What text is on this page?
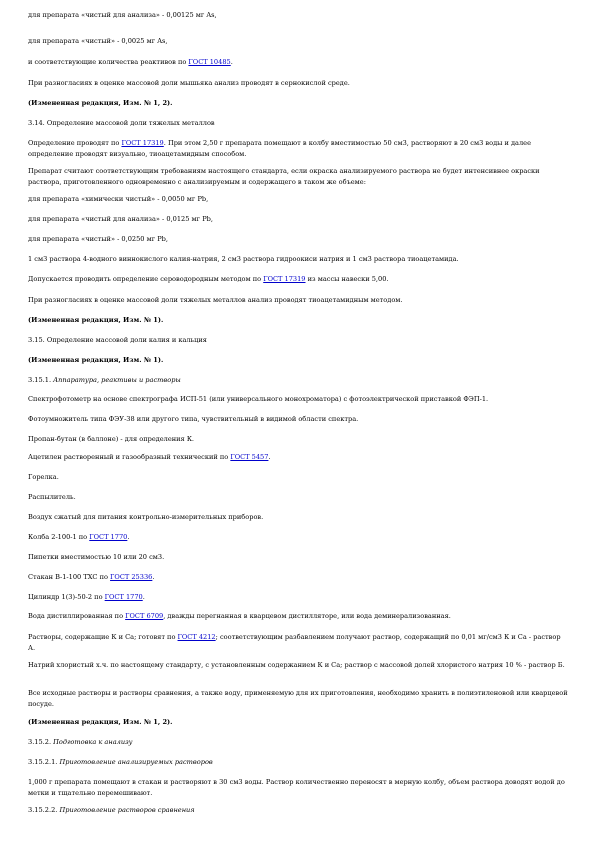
для препарата «чистый для анализа» - 0,00125 мг As,

для препарата «чистый» - 0,0025 мг As,

и соответствующие количества реактивов по ГОСТ 10485.

При разногласиях в оценке массовой доли мышьяка анализ проводят в сернокислой среде.

(Измененная редакция, Изм. № 1, 2).

3.14. Определение массовой доли тяжелых металлов

Определение проводят по ГОСТ 17319. При этом 2,50 г препарата помещают в колбу вместимостью 50 см3, растворяют в 20 см3 воды и далее определение проводят визуально, тиоацетамидным способом.

Препарат считают соответствующим требованиям настоящего стандарта, если окраска анализируемого раствора не будет интенсивнее окраски раствора, приготовленного одновременно с анализируемым и содержащего в таком же объеме:

для препарата «химически чистый» - 0,0050 мг Pb,

для препарата «чистый для анализа» - 0,0125 мг Pb,

для препарата «чистый» - 0,0250 мг Pb,

1 см3 раствора 4-водного виннокислого калия-натрия, 2 см3 раствора гидроокиси натрия и 1 см3 раствора тиоацетамида.

Допускается проводить определение сероводородным методом по ГОСТ 17319 из массы навески 5,00.

При разногласиях в оценке массовой доли тяжелых металлов анализ проводят тиоацетамидным методом.

(Измененная редакция, Изм. № 1).

3.15. Определение массовой доли калия и кальция

(Измененная редакция, Изм. № 1).

3.15.1. Аппаратура, реактивы и растворы

Спектрофотометр на основе спектрографа ИСП-51 (или универсального монохроматора) с фотоэлектрической приставкой ФЭП-1.

Фотоумножитель типа ФЭУ-38 или другого типа, чувствительный в видимой области спектра.

Пропан-бутан (в баллоне) - для определения К.

Ацетилен растворенный и газообразный технический по ГОСТ 5457.

Горелка.

Распылитель.

Воздух сжатый для питания контрольно-измерительных приборов.

Колба 2-100-1 по ГОСТ 1770.

Пипетки вместимостью 10 или 20 см3.

Стакан В-1-100 ТХС по ГОСТ 25336.

Цилиндр 1(3)-50-2 по ГОСТ 1770.

Вода дистиллированная по ГОСТ 6709, дважды перегнанная в кварцевом дистилляторе, или вода деминерализованная.

Растворы, содержащие К и Са; готовят по ГОСТ 4212; соответствующим разбавлением получают раствор, содержащий по 0,01 мг/см3 К и Са - раствор А.

Натрий хлористый х.ч. по настоящему стандарту, с установленным содержанием К и Са; раствор с массовой долей хлористого натрия 10 % - раствор Б.

Все исходные растворы и растворы сравнения, а также воду, применяемую для их приготовления, необходимо хранить в полиэтиленовой или кварцевой посуде.

(Измененная редакция, Изм. № 1, 2).

3.15.2. Подготовка к анализу

3.15.2.1. Приготовление анализируемых растворов

1,000 г препарата помещают в стакан и растворяют в 30 см3 воды. Раствор количественно переносят в мерную колбу, объем раствора доводят водой до метки и тщательно перемешивают.

3.15.2.2. Приготовление растворов сравнения
